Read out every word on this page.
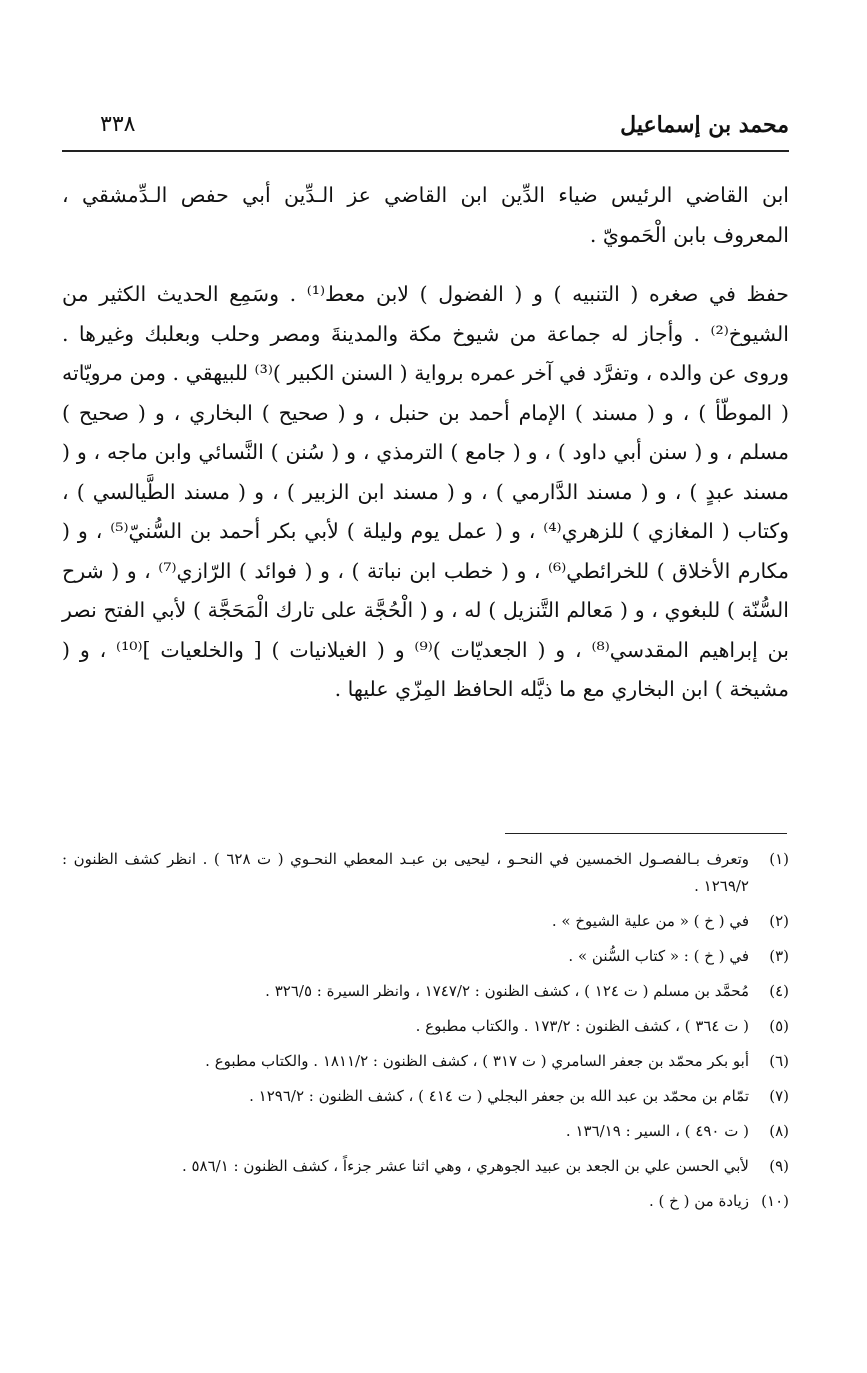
محمد بن إسماعيل
٣٣٨

ابن القاضي الرئيس ضياء الدِّين ابن القاضي عز الـدِّين أبي حفص الـدِّمشقي ، المعروف بابن الْحَمويّ .

حفظ في صغره ( التنبيه ) و ( الفضول ) لابن معط⁽¹⁾ . وسَمِع الحديث الكثير من الشيوخ⁽²⁾ . وأجاز له جماعة من شيوخ مكة والمدينةَ ومصر وحلب وبعلبك وغيرها . وروى عن والده ، وتفرَّد في آخر عمره برواية ( السنن الكبير )⁽³⁾ للبيهقي . ومن مرويّاته ( الموطّأ ) ، و ( مسند ) الإمام أحمد بن حنبل ، و ( صحيح ) البخاري ، و ( صحيح ) مسلم ، و ( سنن أبي داود ) ، و ( جامع ) الترمذي ، و ( سُنن ) النَّسائي وابن ماجه ، و ( مسند عبدٍ ) ، و ( مسند الدَّارمي ) ، و ( مسند ابن الزبير ) ، و ( مسند الطَّيالسي ) ، وكتاب ( المغازي ) للزهري⁽⁴⁾ ، و ( عمل يوم وليلة ) لأبي بكر أحمد بن السُّنيّ⁽⁵⁾ ، و ( مكارم الأخلاق ) للخرائطي⁽⁶⁾ ، و ( خطب ابن نباتة ) ، و ( فوائد ) الرّازي⁽⁷⁾ ، و ( شرح السُّنّة ) للبغوي ، و ( مَعالم التَّنزيل ) له ، و ( الْحُجَّة على تارك الْمَحَجَّة ) لأبي الفتح نصر بن إبراهيم المقدسي⁽⁸⁾ ، و ( الجعديّات )⁽⁹⁾ و ( الغيلانيات ) [ والخلعيات ]⁽¹⁰⁾ ، و ( مشيخة ) ابن البخاري مع ما ذيَّله الحافظ المِزّي عليها .

(١)
وتعرف بـالفصـول الخمسين في النحـو ، ليحيى بن عبـد المعطي النحـوي ( ت ٦٢٨ ) . انظر كشف الظنون : ١٢٦٩/٢ .
(٢)
في ( خ ) « من علية الشيوخ » .
(٣)
في ( خ ) : « كتاب السُّنن » .
(٤)
مُحمَّد بن مسلم ( ت ١٢٤ ) ، كشف الظنون : ١٧٤٧/٢ ، وانظر السيرة : ٣٢٦/٥ .
(٥)
( ت ٣٦٤ ) ، كشف الظنون : ١٧٣/٢ . والكتاب مطبوع .
(٦)
أبو بكر محمّد بن جعفر السامري ( ت ٣١٧ ) ، كشف الظنون : ١٨١١/٢ . والكتاب مطبوع .
(٧)
تمّام بن محمّد بن عبد الله بن جعفر البجلي ( ت ٤١٤ ) ، كشف الظنون : ١٢٩٦/٢ .
(٨)
( ت ٤٩٠ ) ، السير : ١٣٦/١٩ .
(٩)
لأبي الحسن علي بن الجعد بن عبيد الجوهري ، وهي اثنا عشر جزءاً ، كشف الظنون : ٥٨٦/١ .
(١٠)
زيادة من ( خ ) .
